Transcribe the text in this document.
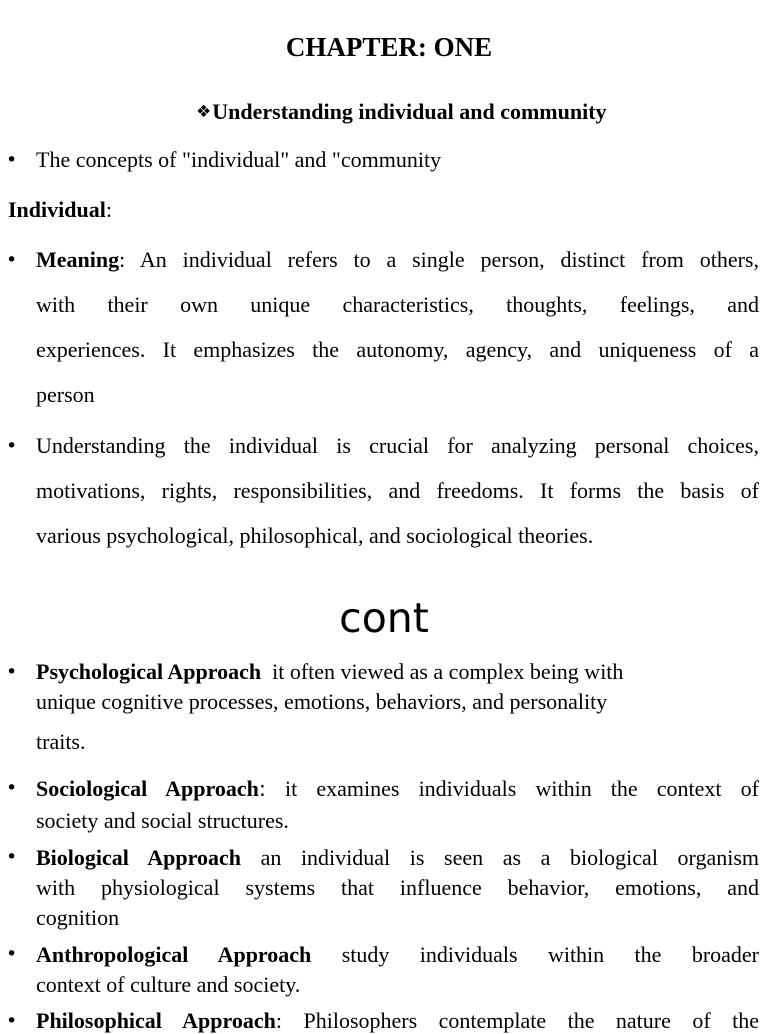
CHAPTER: ONE
❖Understanding individual and community
• The concepts of "individual" and "community
Individual:
• Meaning: An individual refers to a single person, distinct from others,
with their own unique characteristics, thoughts, feelings, and
experiences. It emphasizes the autonomy, agency, and uniqueness of a
person
• Understanding the individual is crucial for analyzing personal choices,
motivations, rights, responsibilities, and freedoms. It forms the basis of
various psychological, philosophical, and sociological theories.
cont
• Psychological Approach  it often viewed as a complex being with
unique cognitive processes, emotions, behaviors, and personality
traits.
• Sociological Approach: it examines individuals within the context of
society and social structures.
• Biological Approach an individual is seen as a biological organism
with physiological systems that influence behavior, emotions, and
cognition
• Anthropological Approach study individuals within the broader
context of culture and society.
• Philosophical Approach: Philosophers contemplate the nature of the
